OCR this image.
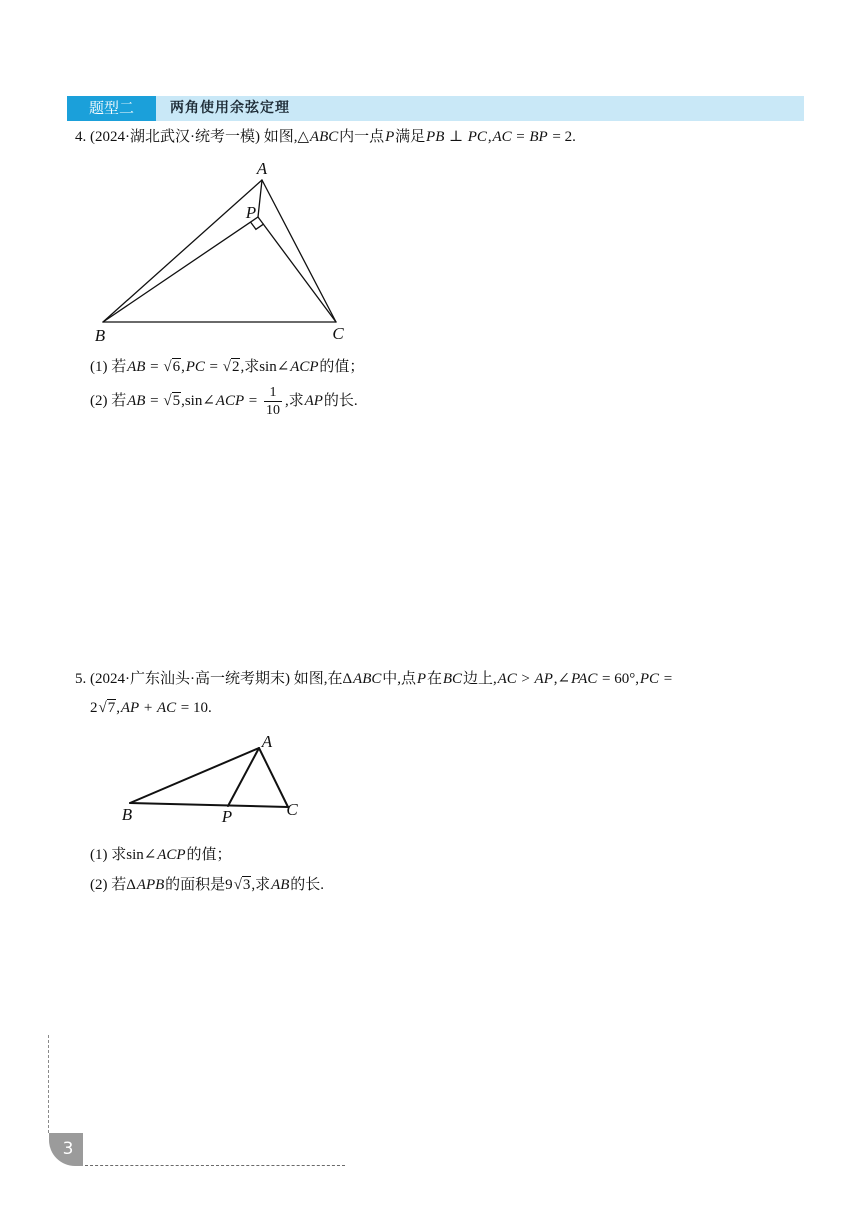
题型二	两角使用余弦定理
4. (2024·湖北武汉·统考一模) 如图,△ABC内一点P满足PB ⊥ PC,AC = BP = 2.
A
P
B	C
(1) 若AB = √6,PC = √2,求sin∠ACP的值；
(2) 若AB = √5,sin∠ACP = $\frac{1}{10}$ ,求AP的长.
5. (2024·广东汕头·高一统考期末) 如图,在ΔABC中,点P在BC边上,AC > AP,∠PAC = 60°,PC =
2√7,AP + AC = 10.
A
B	P	C
(1) 求sin∠ACP的值；
(2) 若ΔAPB的面积是9√3,求AB的长.
3
